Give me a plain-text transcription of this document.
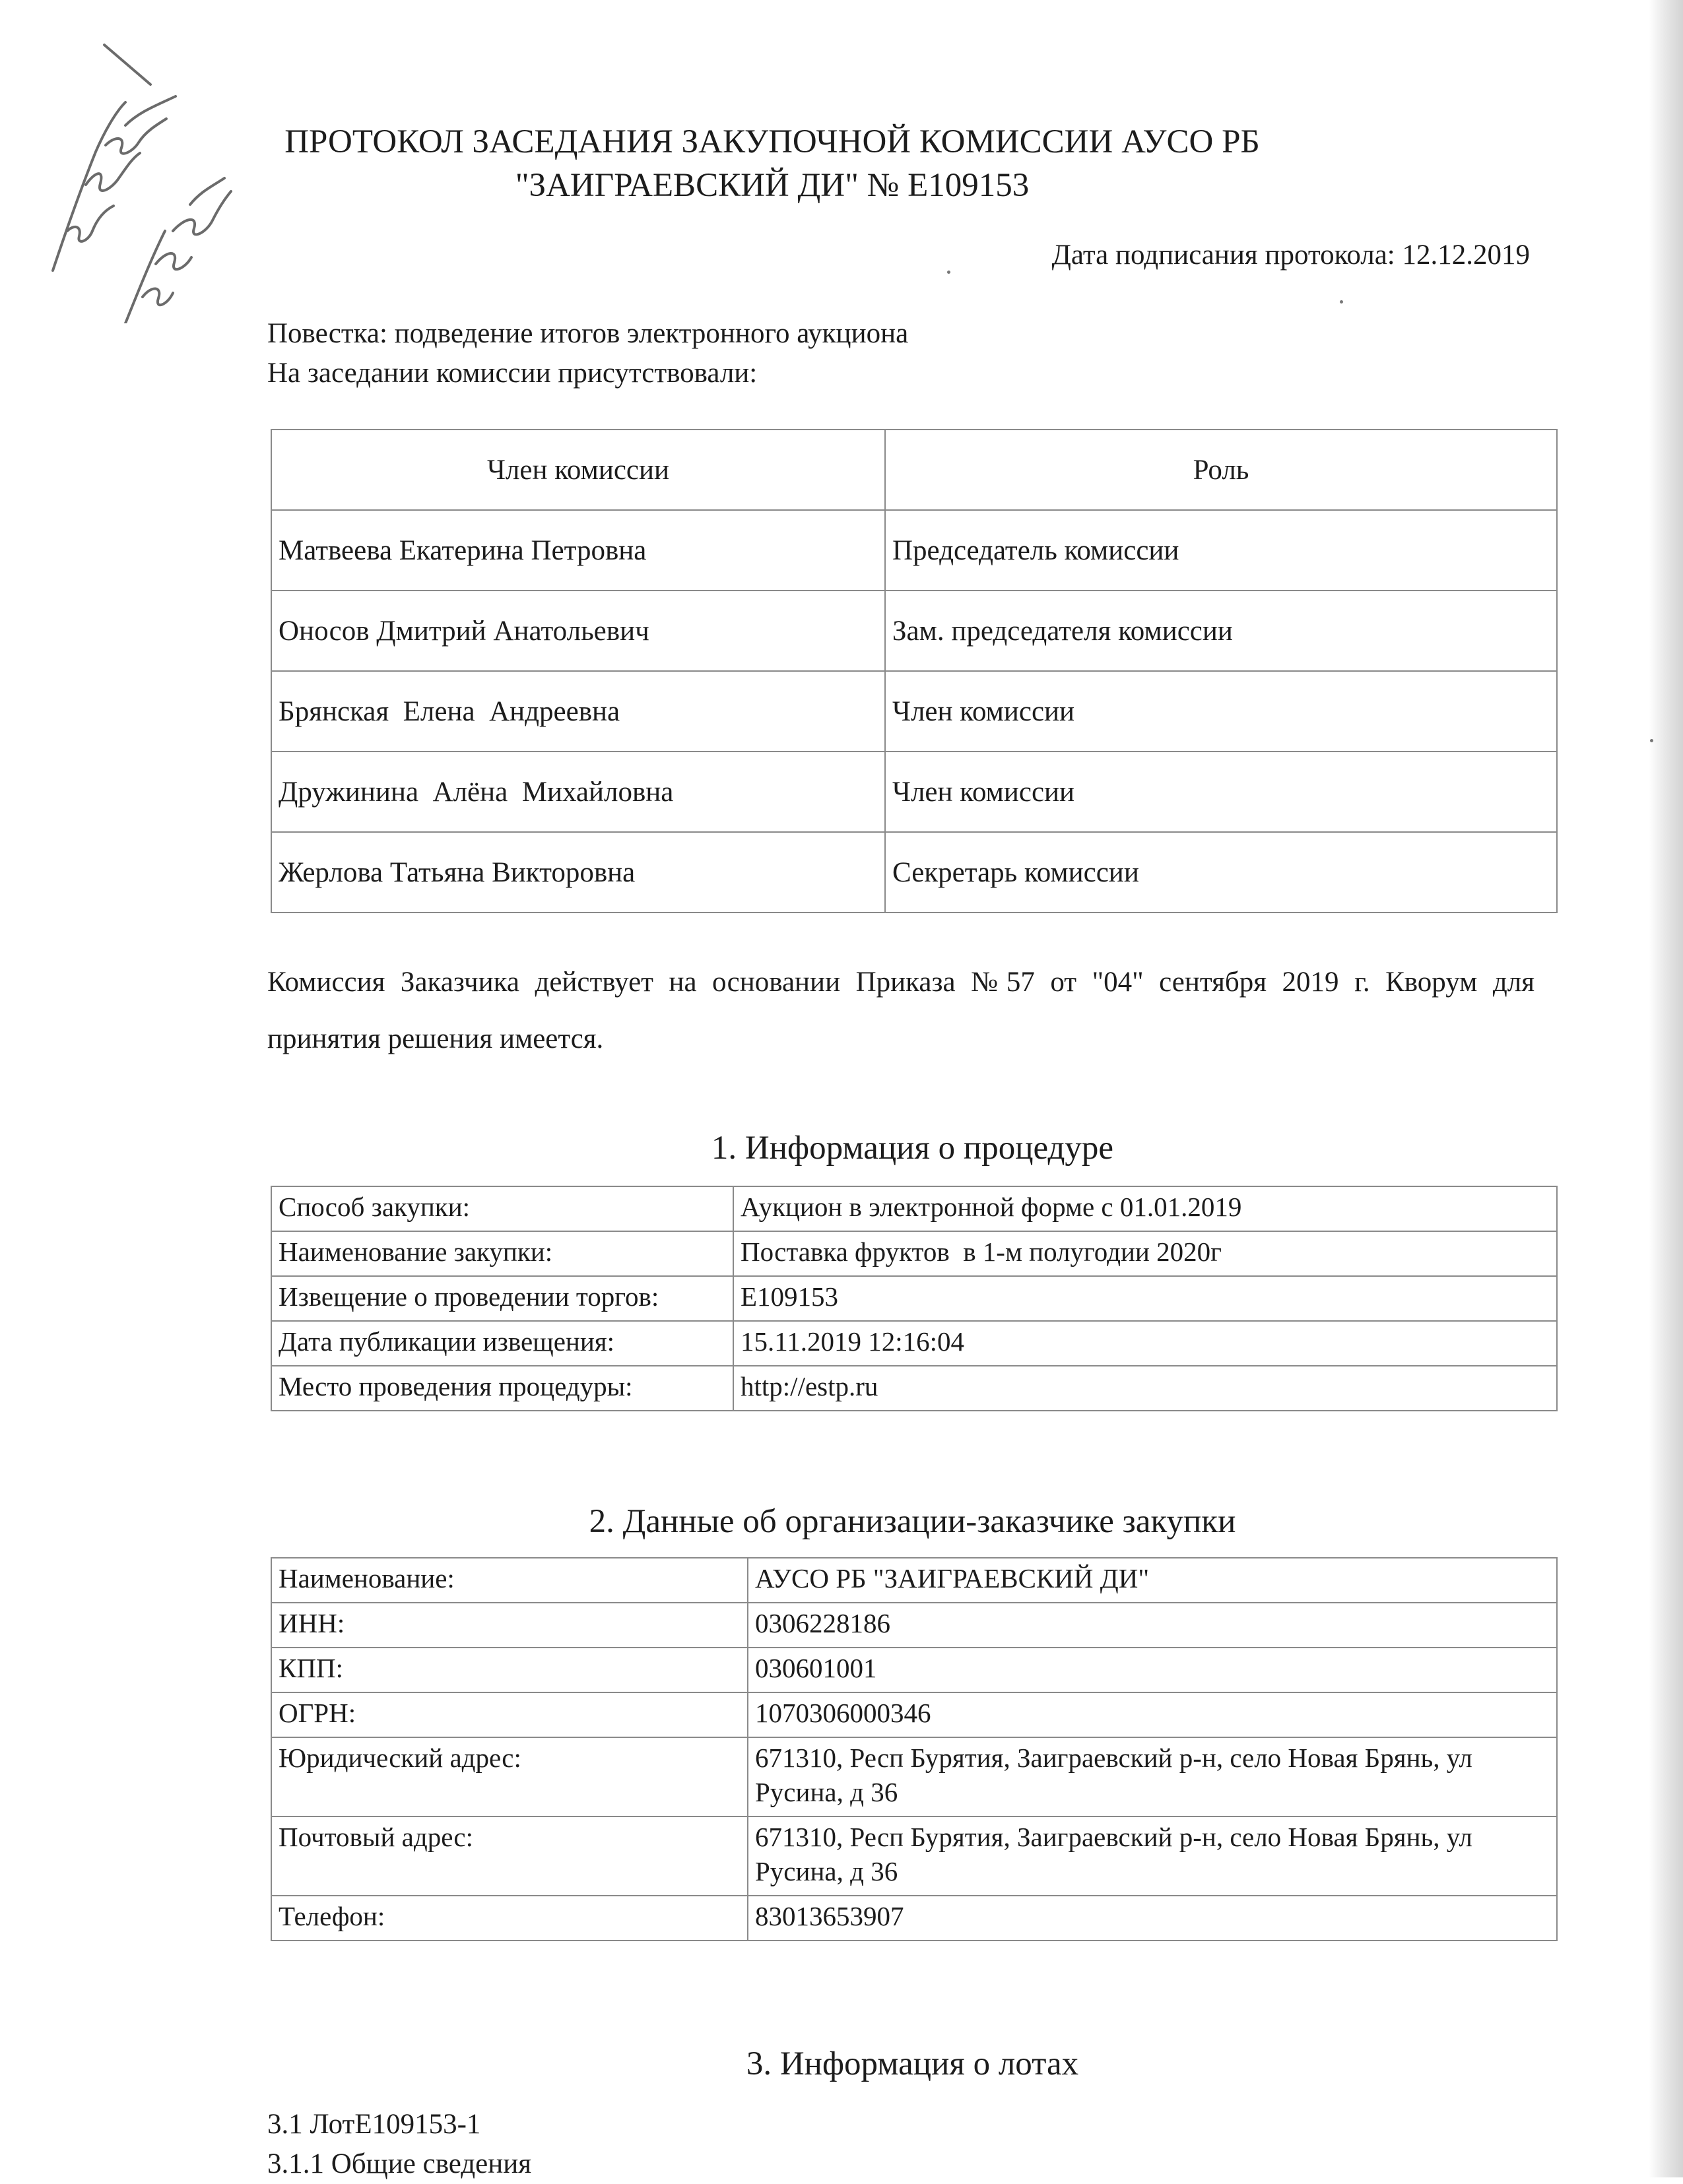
ПРОТОКОЛ ЗАСЕДАНИЯ ЗАКУПОЧНОЙ КОМИССИИ АУСО РБ
"ЗАИГРАЕВСКИЙ ДИ" № Е109153
Дата подписания протокола: 12.12.2019
Повестка: подведение итогов электронного аукциона
На заседании комиссии присутствовали:
Член комиссии	Роль
Матвеева Екатерина Петровна	Председатель комиссии
Оносов Дмитрий Анатольевич	Зам. председателя комиссии
Брянская  Елена  Андреевна	Член комиссии
Дружинина  Алёна  Михайловна	Член комиссии
Жерлова Татьяна Викторовна	Секретарь комиссии

Комиссия Заказчика действует на основании Приказа №57 от "04" сентября 2019 г. Кворум для принятия решения имеется.

1. Информация о процедуре
Способ закупки:	Аукцион в электронной форме с 01.01.2019
Наименование закупки:	Поставка фруктов  в 1-м полугодии 2020г
Извещение о проведении торгов:	Е109153
Дата публикации извещения:	15.11.2019 12:16:04
Место проведения процедуры:	http://estp.ru
2. Данные об организации-заказчике закупки
Наименование:	АУСО РБ "ЗАИГРАЕВСКИЙ ДИ"
ИНН:	0306228186
КПП:	030601001
ОГРН:	1070306000346
Юридический адрес:	671310, Респ Бурятия, Заиграевский р-н, село Новая Брянь, ул Русина, д 36
Почтовый адрес:	671310, Респ Бурятия, Заиграевский р-н, село Новая Брянь, ул Русина, д 36
Телефон:	83013653907
3. Информация о лотах
3.1 ЛотЕ109153-1
3.1.1 Общие сведения
